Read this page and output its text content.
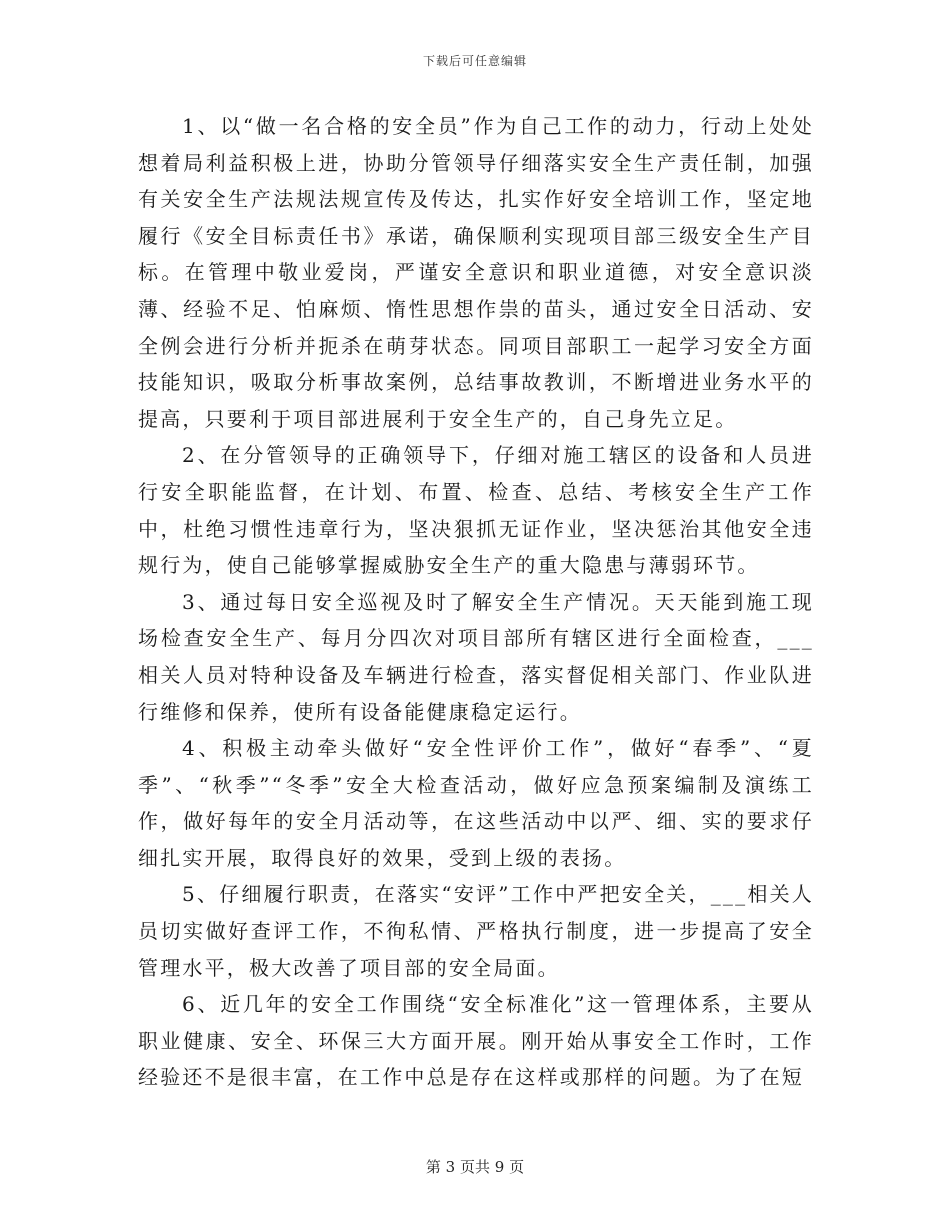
下载后可任意编辑

1、以“做一名合格的安全员”作为自己工作的动力，行动上处处想着局利益积极上进，协助分管领导仔细落实安全生产责任制，加强有关安全生产法规法规宣传及传达，扎实作好安全培训工作，坚定地履行《安全目标责任书》承诺，确保顺利实现项目部三级安全生产目标。在管理中敬业爱岗，严谨安全意识和职业道德，对安全意识淡薄、经验不足、怕麻烦、惰性思想作祟的苗头，通过安全日活动、安全例会进行分析并扼杀在萌芽状态。同项目部职工一起学习安全方面技能知识，吸取分析事故案例，总结事故教训，不断增进业务水平的提高，只要利于项目部进展利于安全生产的，自己身先立足。

2、在分管领导的正确领导下，仔细对施工辖区的设备和人员进行安全职能监督，在计划、布置、检查、总结、考核安全生产工作中，杜绝习惯性违章行为，坚决狠抓无证作业，坚决惩治其他安全违规行为，使自己能够掌握威胁安全生产的重大隐患与薄弱环节。

3、通过每日安全巡视及时了解安全生产情况。天天能到施工现场检查安全生产、每月分四次对项目部所有辖区进行全面检查，___相关人员对特种设备及车辆进行检查，落实督促相关部门、作业队进行维修和保养，使所有设备能健康稳定运行。

4、积极主动牵头做好“安全性评价工作”，做好“春季”、“夏季”、“秋季”“冬季”安全大检查活动，做好应急预案编制及演练工作，做好每年的安全月活动等，在这些活动中以严、细、实的要求仔细扎实开展，取得良好的效果，受到上级的表扬。

5、仔细履行职责，在落实“安评”工作中严把安全关，___相关人员切实做好查评工作，不徇私情、严格执行制度，进一步提高了安全管理水平，极大改善了项目部的安全局面。

6、近几年的安全工作围绕“安全标准化”这一管理体系，主要从职业健康、安全、环保三大方面开展。刚开始从事安全工作时，工作经验还不是很丰富，在工作中总是存在这样或那样的问题。为了在短

第 3 页共 9 页
